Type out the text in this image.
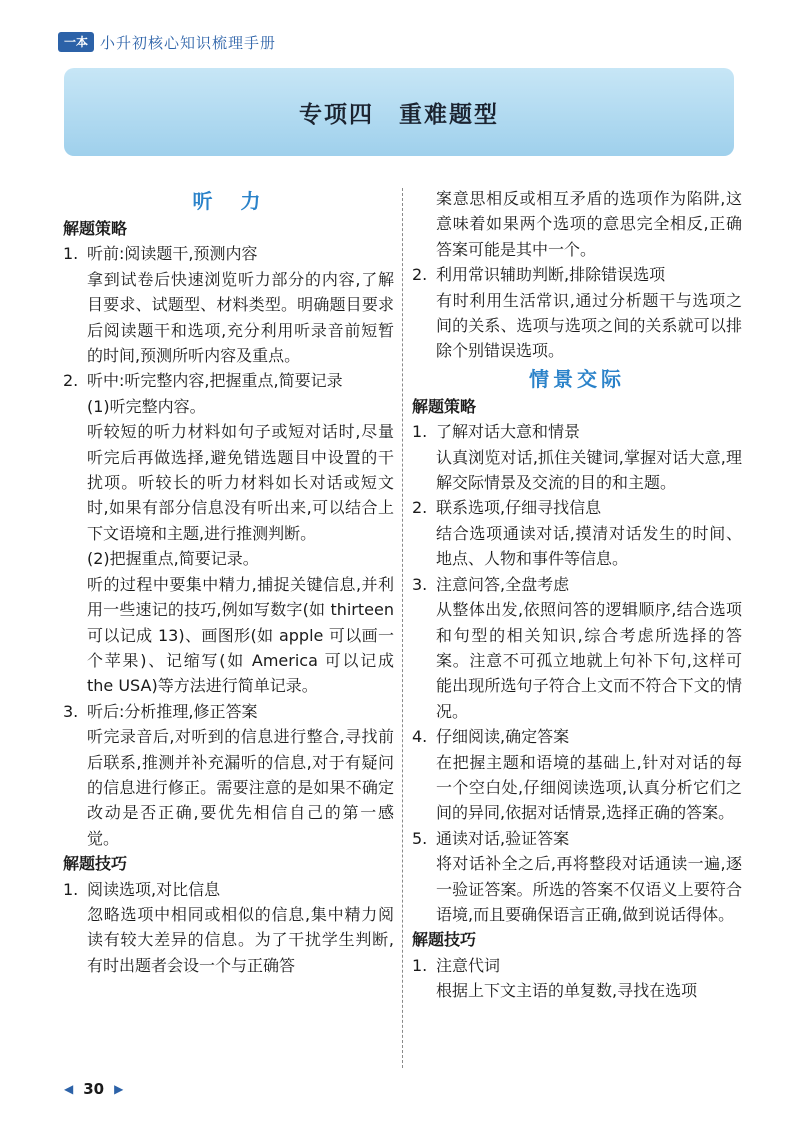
一本 小升初核心知识梳理手册
专项四　重难题型

听　力

解题策略

1. 听前:阅读题干,预测内容

拿到试卷后快速浏览听力部分的内容,了解目要求、试题型、材料类型。明确题目要求后阅读题干和选项,充分利用听录音前短暂的时间,预测所听内容及重点。

2. 听中:听完整内容,把握重点,简要记录

(1)听完整内容。

听较短的听力材料如句子或短对话时,尽量听完后再做选择,避免错选题目中设置的干扰项。听较长的听力材料如长对话或短文时,如果有部分信息没有听出来,可以结合上下文语境和主题,进行推测判断。

(2)把握重点,简要记录。

听的过程中要集中精力,捕捉关键信息,并利用一些速记的技巧,例如写数字(如 thirteen 可以记成 13)、画图形(如 apple 可以画一个苹果)、记缩写(如 America 可以记成 the USA)等方法进行简单记录。

3. 听后:分析推理,修正答案

听完录音后,对听到的信息进行整合,寻找前后联系,推测并补充漏听的信息,对于有疑问的信息进行修正。需要注意的是如果不确定改动是否正确,要优先相信自己的第一感觉。

解题技巧

1. 阅读选项,对比信息

忽略选项中相同或相似的信息,集中精力阅读有较大差异的信息。为了干扰学生判断,有时出题者会设一个与正确答

案意思相反或相互矛盾的选项作为陷阱,这意味着如果两个选项的意思完全相反,正确答案可能是其中一个。

2. 利用常识辅助判断,排除错误选项

有时利用生活常识,通过分析题干与选项之间的关系、选项与选项之间的关系就可以排除个别错误选项。

情景交际

解题策略

1. 了解对话大意和情景

认真浏览对话,抓住关键词,掌握对话大意,理解交际情景及交流的目的和主题。

2. 联系选项,仔细寻找信息

结合选项通读对话,摸清对话发生的时间、地点、人物和事件等信息。

3. 注意问答,全盘考虑

从整体出发,依照问答的逻辑顺序,结合选项和句型的相关知识,综合考虑所选择的答案。注意不可孤立地就上句补下句,这样可能出现所选句子符合上文而不符合下文的情况。

4. 仔细阅读,确定答案

在把握主题和语境的基础上,针对对话的每一个空白处,仔细阅读选项,认真分析它们之间的异同,依据对话情景,选择正确的答案。

5. 通读对话,验证答案

将对话补全之后,再将整段对话通读一遍,逐一验证答案。所选的答案不仅语义上要符合语境,而且要确保语言正确,做到说话得体。

解题技巧

1. 注意代词

根据上下文主语的单复数,寻找在选项

◀ 30 ▶
